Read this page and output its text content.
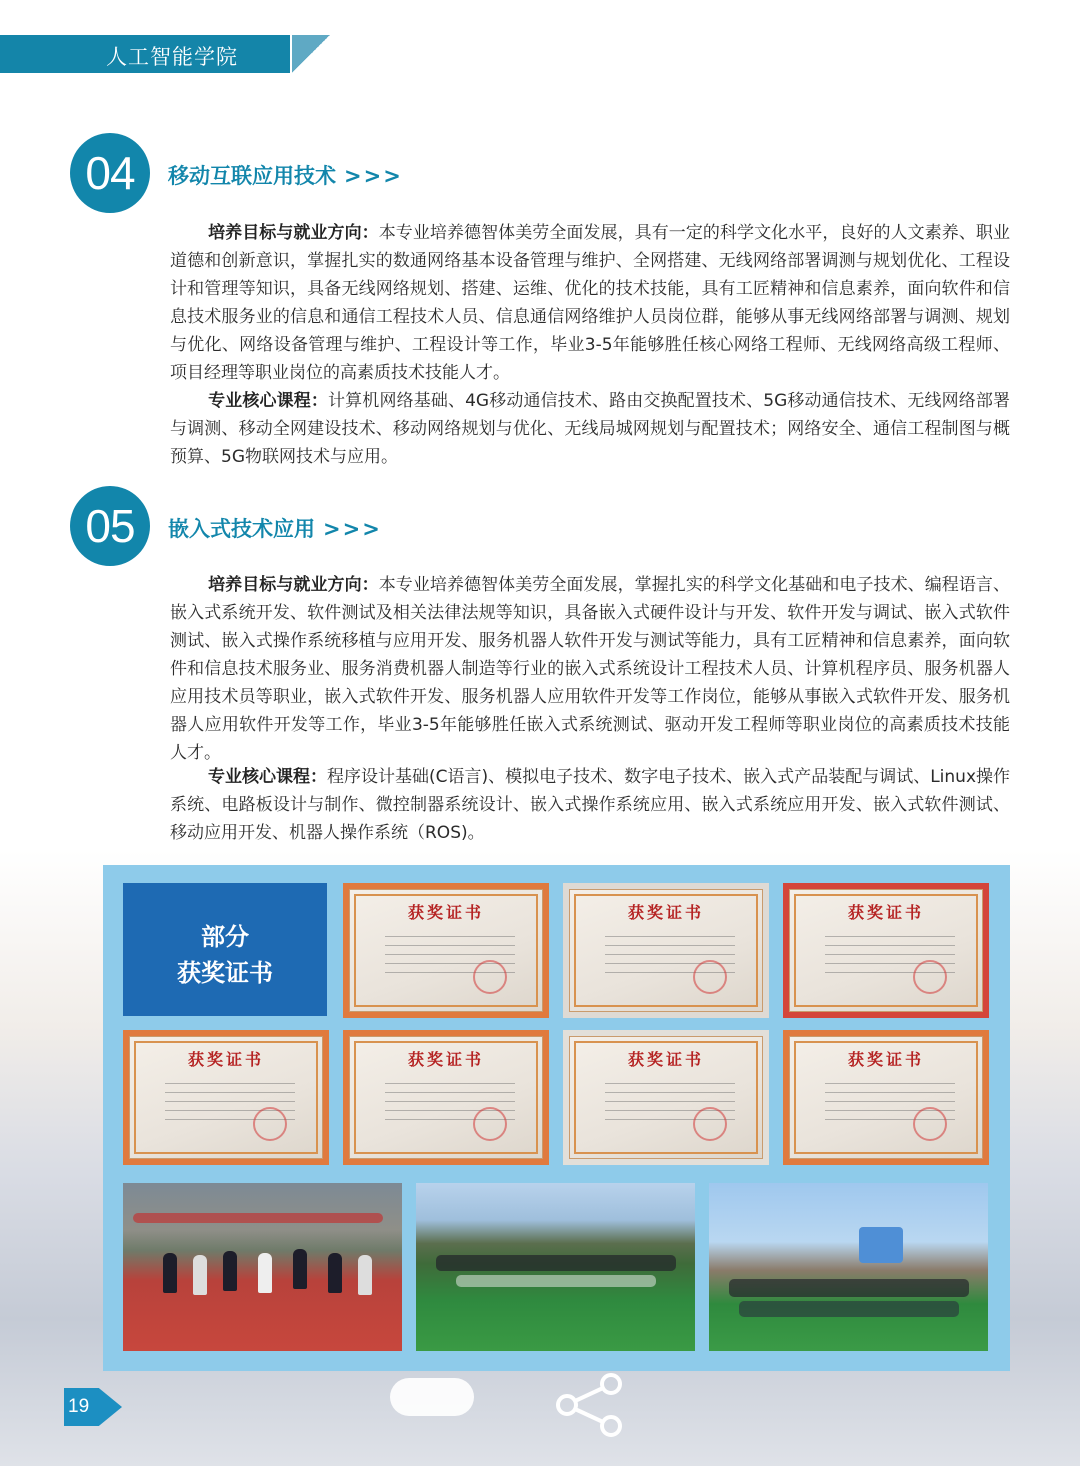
人工智能学院
04	移动互联应用技术 >>>

培养目标与就业方向：本专业培养德智体美劳全面发展，具有一定的科学文化水平，良好的人文素养、职业道德和创新意识，掌握扎实的数通网络基本设备管理与维护、全网搭建、无线网络部署调测与规划优化、工程设计和管理等知识，具备无线网络规划、搭建、运维、优化的技术技能，具有工匠精神和信息素养，面向软件和信息技术服务业的信息和通信工程技术人员、信息通信网络维护人员岗位群，能够从事无线网络部署与调测、规划与优化、网络设备管理与维护、工程设计等工作，毕业3-5年能够胜任核心网络工程师、无线网络高级工程师、项目经理等职业岗位的高素质技术技能人才。

专业核心课程：计算机网络基础、4G移动通信技术、路由交换配置技术、5G移动通信技术、无线网络部署与调测、移动全网建设技术、移动网络规划与优化、无线局城网规划与配置技术；网络安全、通信工程制图与概预算、5G物联网技术与应用。

05	嵌入式技术应用 >>>

培养目标与就业方向：本专业培养德智体美劳全面发展，掌握扎实的科学文化基础和电子技术、编程语言、嵌入式系统开发、软件测试及相关法律法规等知识，具备嵌入式硬件设计与开发、软件开发与调试、嵌入式软件测试、嵌入式操作系统移植与应用开发、服务机器人软件开发与测试等能力，具有工匠精神和信息素养，面向软件和信息技术服务业、服务消费机器人制造等行业的嵌入式系统设计工程技术人员、计算机程序员、服务机器人应用技术员等职业，嵌入式软件开发、服务机器人应用软件开发等工作岗位，能够从事嵌入式软件开发、服务机器人应用软件开发等工作，毕业3-5年能够胜任嵌入式系统测试、驱动开发工程师等职业岗位的高素质技术技能人才。

专业核心课程：程序设计基础(C语言)、模拟电子技术、数字电子技术、嵌入式产品装配与调试、Linux操作系统、电路板设计与制作、微控制器系统设计、嵌入式操作系统应用、嵌入式系统应用开发、嵌入式软件测试、移动应用开发、机器人操作系统（ROS)。

部分
获奖证书
获奖证书	获奖证书	获奖证书
获奖证书	获奖证书	获奖证书	获奖证书
19
